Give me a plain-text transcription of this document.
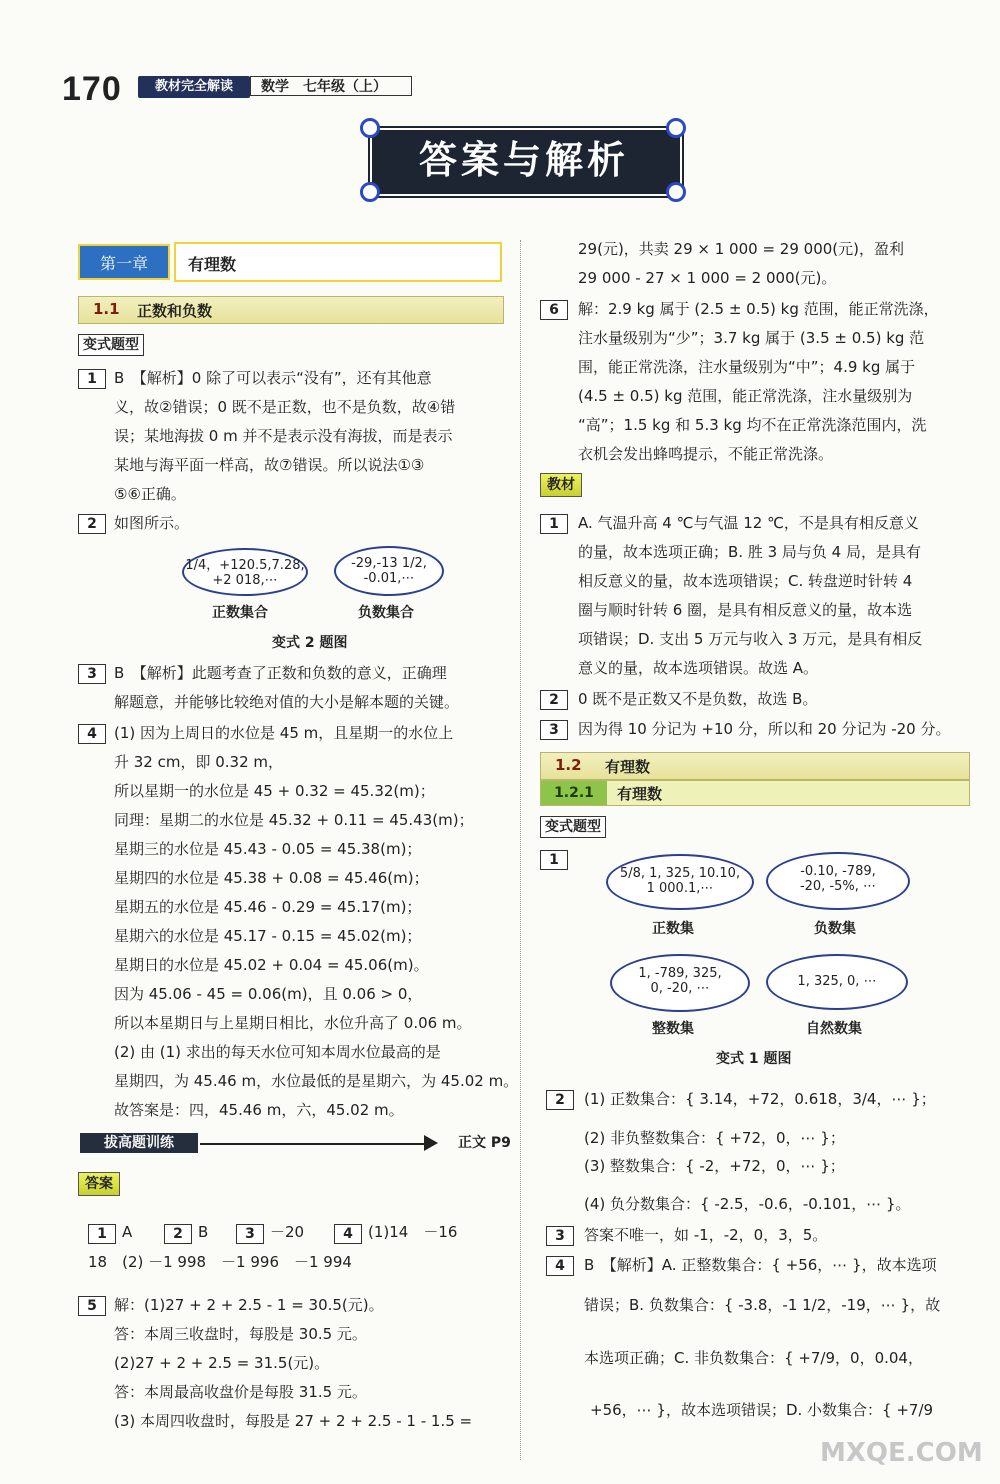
170	教材完全解读	数学　七年级（上）
答案与解析
第一章	有理数
1.1 正数和负数
变式题型
1	B　【解析】0 除了可以表示“没有”，还有其他意
义，故②错误；0 既不是正数，也不是负数，故④错
误；某地海拔 0 m 并不是表示没有海拔，而是表示
某地与海平面一样高，故⑦错误。所以说法①③
⑤⑥正确。
2	如图所示。
1/4，+120.5,7.28,
+2 018,⋯
-29,-13 1/2,
-0.01,⋯
正数集合	负数集合
变式 2 题图
3	B　【解析】此题考查了正数和负数的意义，正确理
解题意，并能够比较绝对值的大小是解本题的关键。
4	(1) 因为上周日的水位是 45 m，且星期一的水位上
升 32 cm，即 0.32 m，
所以星期一的水位是 45 + 0.32 = 45.32(m)；
同理：星期二的水位是 45.32 + 0.11 = 45.43(m)；
星期三的水位是 45.43 - 0.05 = 45.38(m)；
星期四的水位是 45.38 + 0.08 = 45.46(m)；
星期五的水位是 45.46 - 0.29 = 45.17(m)；
星期六的水位是 45.17 - 0.15 = 45.02(m)；
星期日的水位是 45.02 + 0.04 = 45.06(m)。
因为 45.06 - 45 = 0.06(m)，且 0.06 > 0，
所以本星期日与上星期日相比，水位升高了 0.06 m。
(2) 由 (1) 求出的每天水位可知本周水位最高的是
星期四，为 45.46 m，水位最低的是星期六，为 45.02 m。
故答案是：四，45.46 m，六，45.02 m。
拔高题训练	正文 P9
答案
1	A	2	B	3	－20	4	(1)14　－16
18　(2) －1 998　－1 996　－1 994
5	解：(1)27 + 2 + 2.5 - 1 = 30.5(元)。
答：本周三收盘时，每股是 30.5 元。
(2)27 + 2 + 2.5 = 31.5(元)。
答：本周最高收盘价是每股 31.5 元。
(3) 本周四收盘时，每股是 27 + 2 + 2.5 - 1 - 1.5 =
29(元)，共卖 29 × 1 000 = 29 000(元)，盈利
29 000 - 27 × 1 000 = 2 000(元)。
6	解：2.9 kg 属于 (2.5 ± 0.5) kg 范围，能正常洗涤，
注水量级别为“少”；3.7 kg 属于 (3.5 ± 0.5) kg 范
围，能正常洗涤，注水量级别为“中”；4.9 kg 属于
(4.5 ± 0.5) kg 范围，能正常洗涤，注水量级别为
“高”；1.5 kg 和 5.3 kg 均不在正常洗涤范围内，洗
衣机会发出蜂鸣提示，不能正常洗涤。
教材
1	A. 气温升高 4 ℃与气温 12 ℃，不是具有相反意义
的量，故本选项正确；B. 胜 3 局与负 4 局，是具有
相反意义的量，故本选项错误；C. 转盘逆时针转 4
圈与顺时针转 6 圈，是具有相反意义的量，故本选
项错误；D. 支出 5 万元与收入 3 万元，是具有相反
意义的量，故本选项错误。故选 A。
2	0 既不是正数又不是负数，故选 B。
3	因为得 10 分记为 +10 分，所以和 20 分记为 -20 分。
1.2 有理数
1.2.1	有理数
变式题型
1
5/8, 1, 325, 10.10,
1 000.1,⋯
-0.10, -789,
-20, -5%, ⋯
正数集	负数集
1, -789, 325,
0, -20, ⋯	1, 325, 0, ⋯
整数集	自然数集
变式 1 题图
2	(1) 正数集合：{ 3.14，+72，0.618，3/4，⋯ }；
(2) 非负整数集合：{ +72，0，⋯ }；
(3) 整数集合：{ -2，+72，0，⋯ }；
(4) 负分数集合：{ -2.5，-0.6，-0.101，⋯ }。
3	答案不唯一，如 -1，-2，0，3，5。
4	B　【解析】A. 正整数集合：{ +56，⋯ }，故本选项
错误；B. 负数集合：{ -3.8，-1 1/2，-19，⋯ }，故
本选项正确；C. 非负数集合：{ +7/9，0，0.04，
+56，⋯ }，故本选项错误；D. 小数集合：{ +7/9
MXQE.COM
